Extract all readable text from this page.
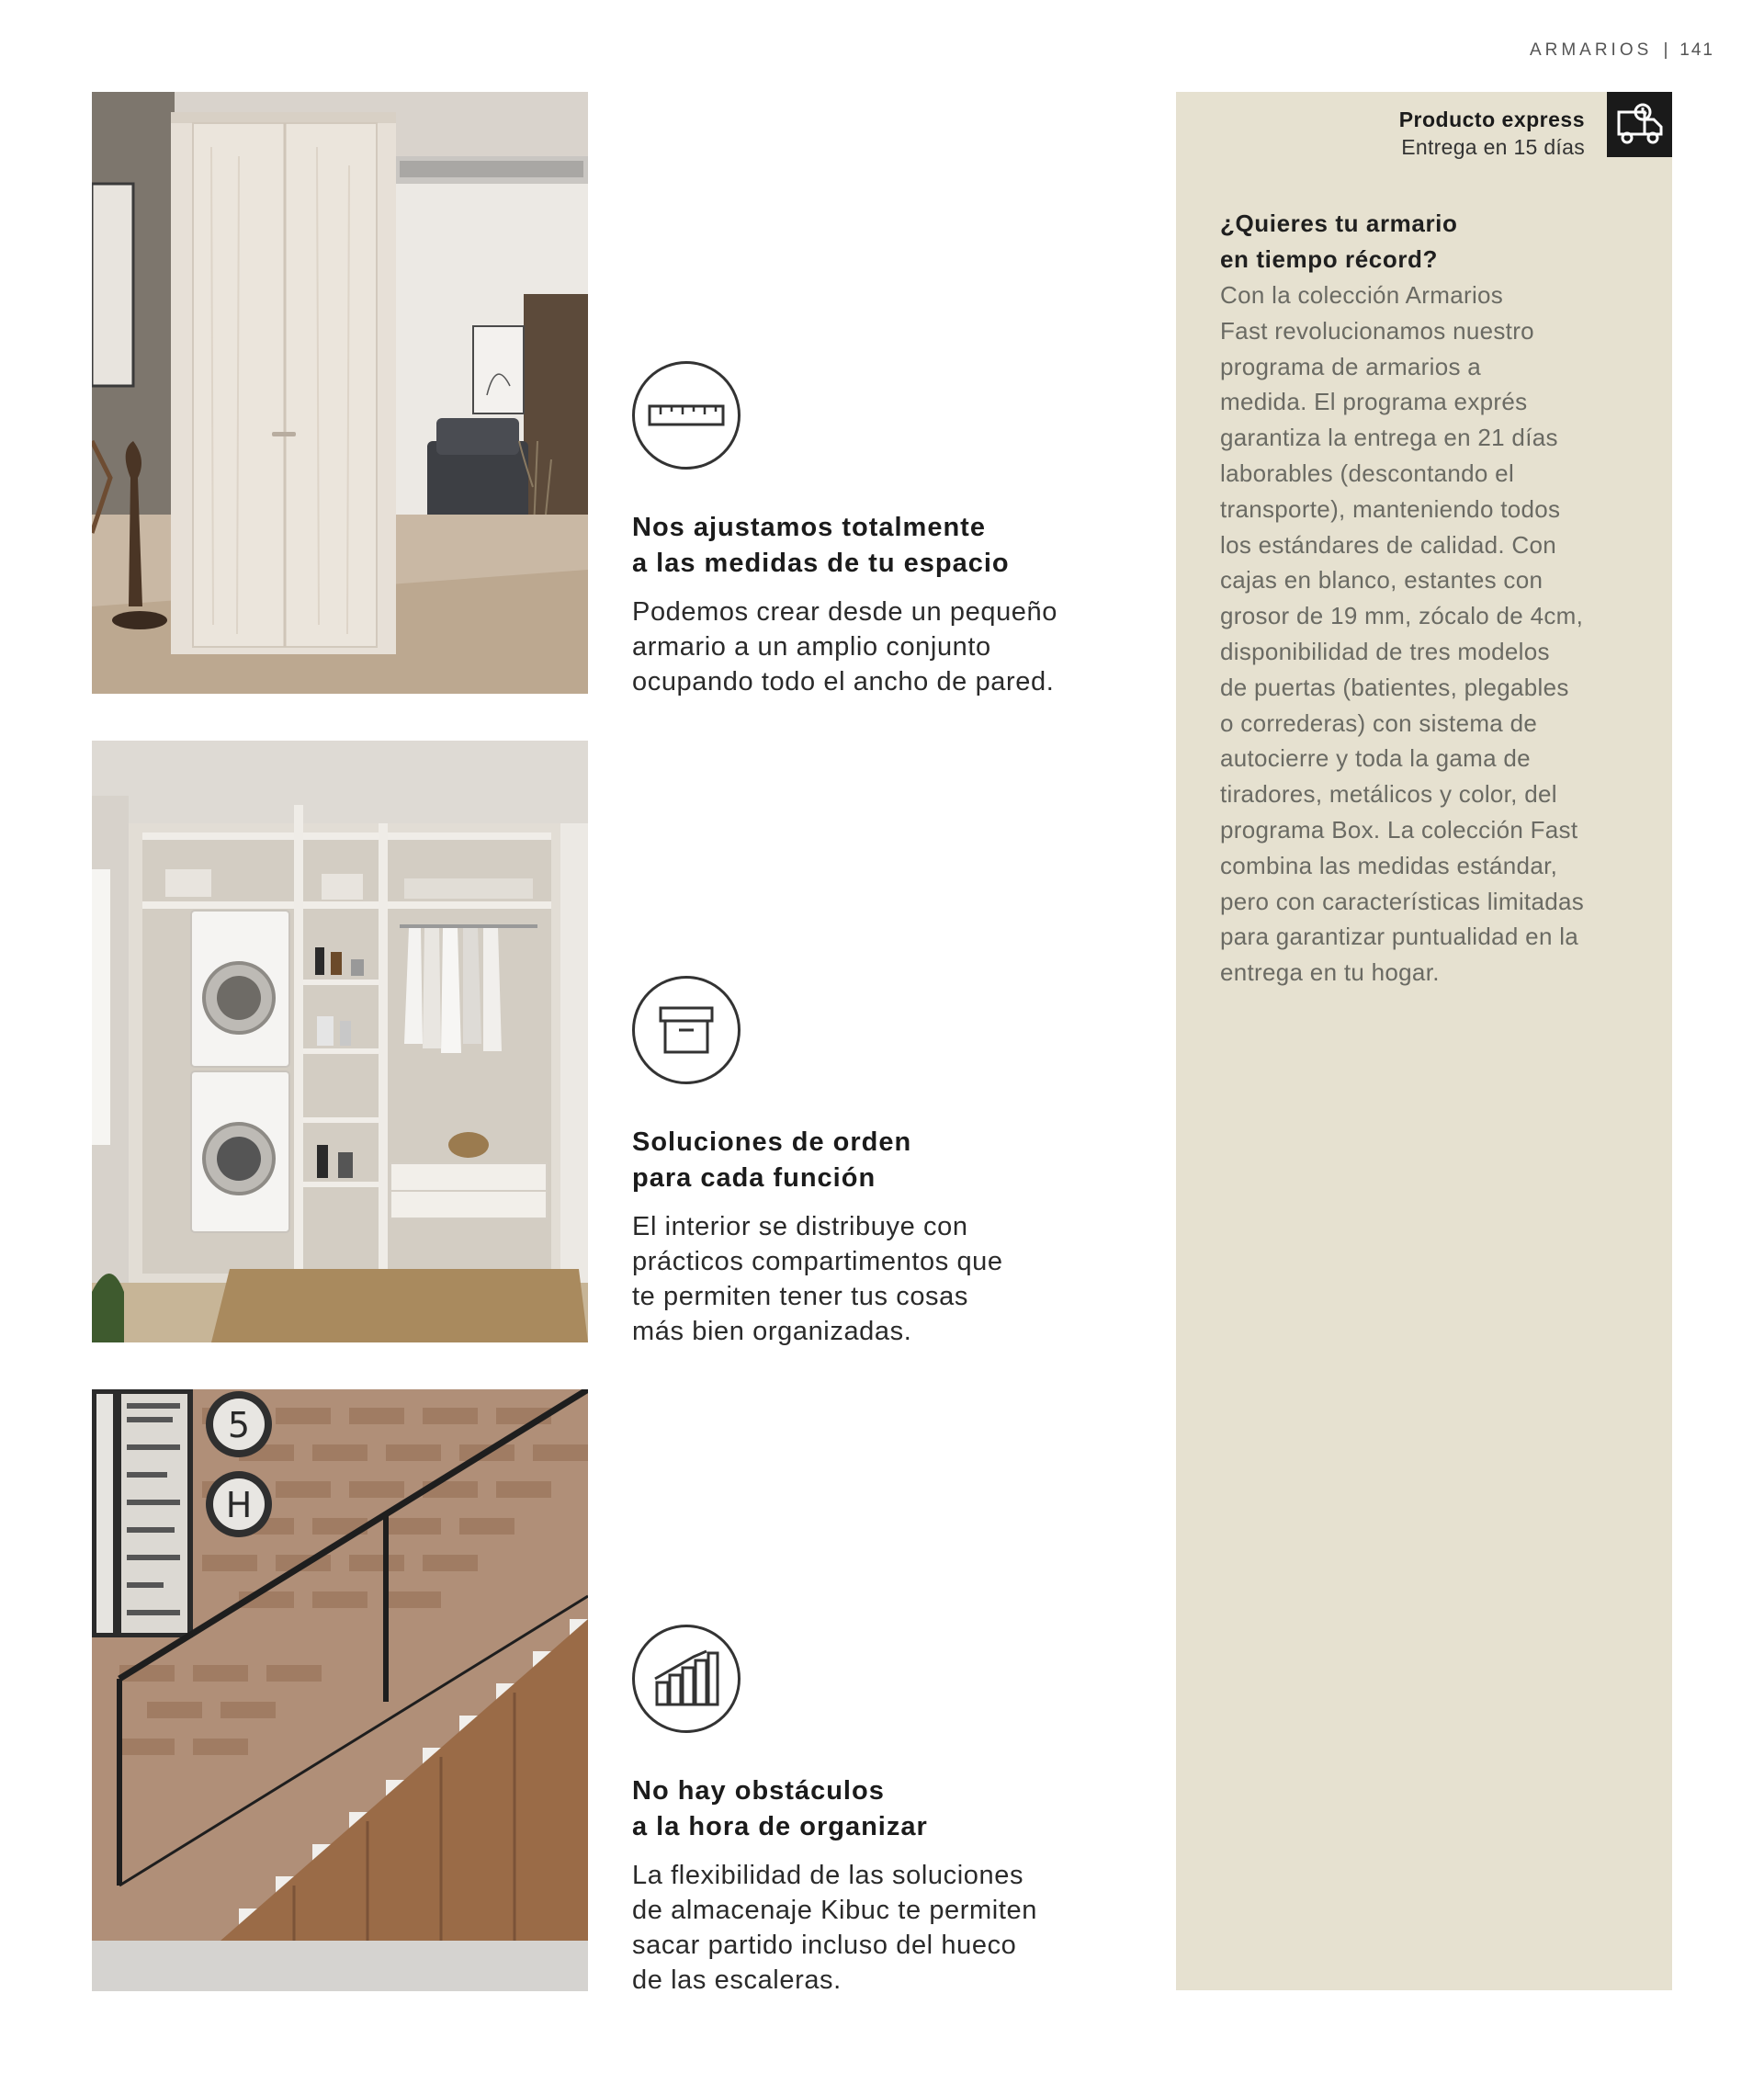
ARMARIOS 141
5
H
Nos ajustamos totalmente
a las medidas de tu espacio
Podemos crear desde un pequeño
armario a un amplio conjunto
ocupando todo el ancho de pared.
Soluciones de orden
para cada función
El interior se distribuye con
prácticos compartimentos que
te permiten tener tus cosas
más bien organizadas.
No hay obstáculos
a la hora de organizar
La flexibilidad de las soluciones
de almacenaje Kibuc te permiten
sacar partido incluso del hueco
de las escaleras.
Producto express
Entrega en 15 días
¿Quieres tu armario
en tiempo récord?
Con la colección Armarios
Fast revolucionamos nuestro
programa de armarios a
medida. El programa exprés
garantiza la entrega en 21 días
laborables (descontando el
transporte), manteniendo todos
los estándares de calidad. Con
cajas en blanco, estantes con
grosor de 19 mm, zócalo de 4cm,
disponibilidad de tres modelos
de puertas (batientes, plegables
o correderas) con sistema de
autocierre y toda la gama de
tiradores, metálicos y color, del
programa Box. La colección Fast
combina las medidas estándar,
pero con características limitadas
para garantizar puntualidad en la
entrega en tu hogar.
